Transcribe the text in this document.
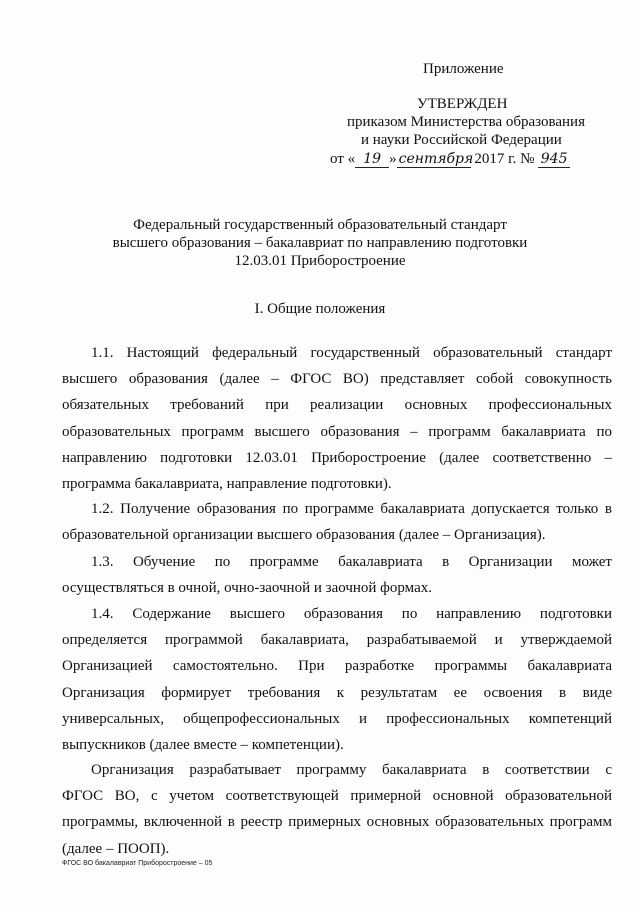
Приложение
УТВЕРЖДЕН
приказом Министерства образования
и науки Российской Федерации
от « 19 » сентября 2017 г. № 945
Федеральный государственный образовательный стандарт
высшего образования – бакалавриат по направлению подготовки
12.03.01 Приборостроение
I. Общие положения
1.1. Настоящий федеральный государственный образовательный стандарт
высшего образования (далее – ФГОС ВО) представляет собой совокупность
обязательных требований при реализации основных профессиональных
образовательных программ высшего образования – программ бакалавриата по
направлению подготовки 12.03.01 Приборостроение (далее соответственно –
программа бакалавриата, направление подготовки).
1.2. Получение образования по программе бакалавриата допускается только в
образовательной организации высшего образования (далее – Организация).
1.3. Обучение по программе бакалавриата в Организации может
осуществляться в очной, очно-заочной и заочной формах.
1.4. Содержание высшего образования по направлению подготовки
определяется программой бакалавриата, разрабатываемой и утверждаемой
Организацией самостоятельно. При разработке программы бакалавриата
Организация формирует требования к результатам ее освоения в виде
универсальных, общепрофессиональных и профессиональных компетенций
выпускников (далее вместе – компетенции).
Организация разрабатывает программу бакалавриата в соответствии с
ФГОС ВО, с учетом соответствующей примерной основной образовательной
программы, включенной в реестр примерных основных образовательных программ
(далее – ПООП).
ФГОС ВО бакалавриат Приборостроение – 05
